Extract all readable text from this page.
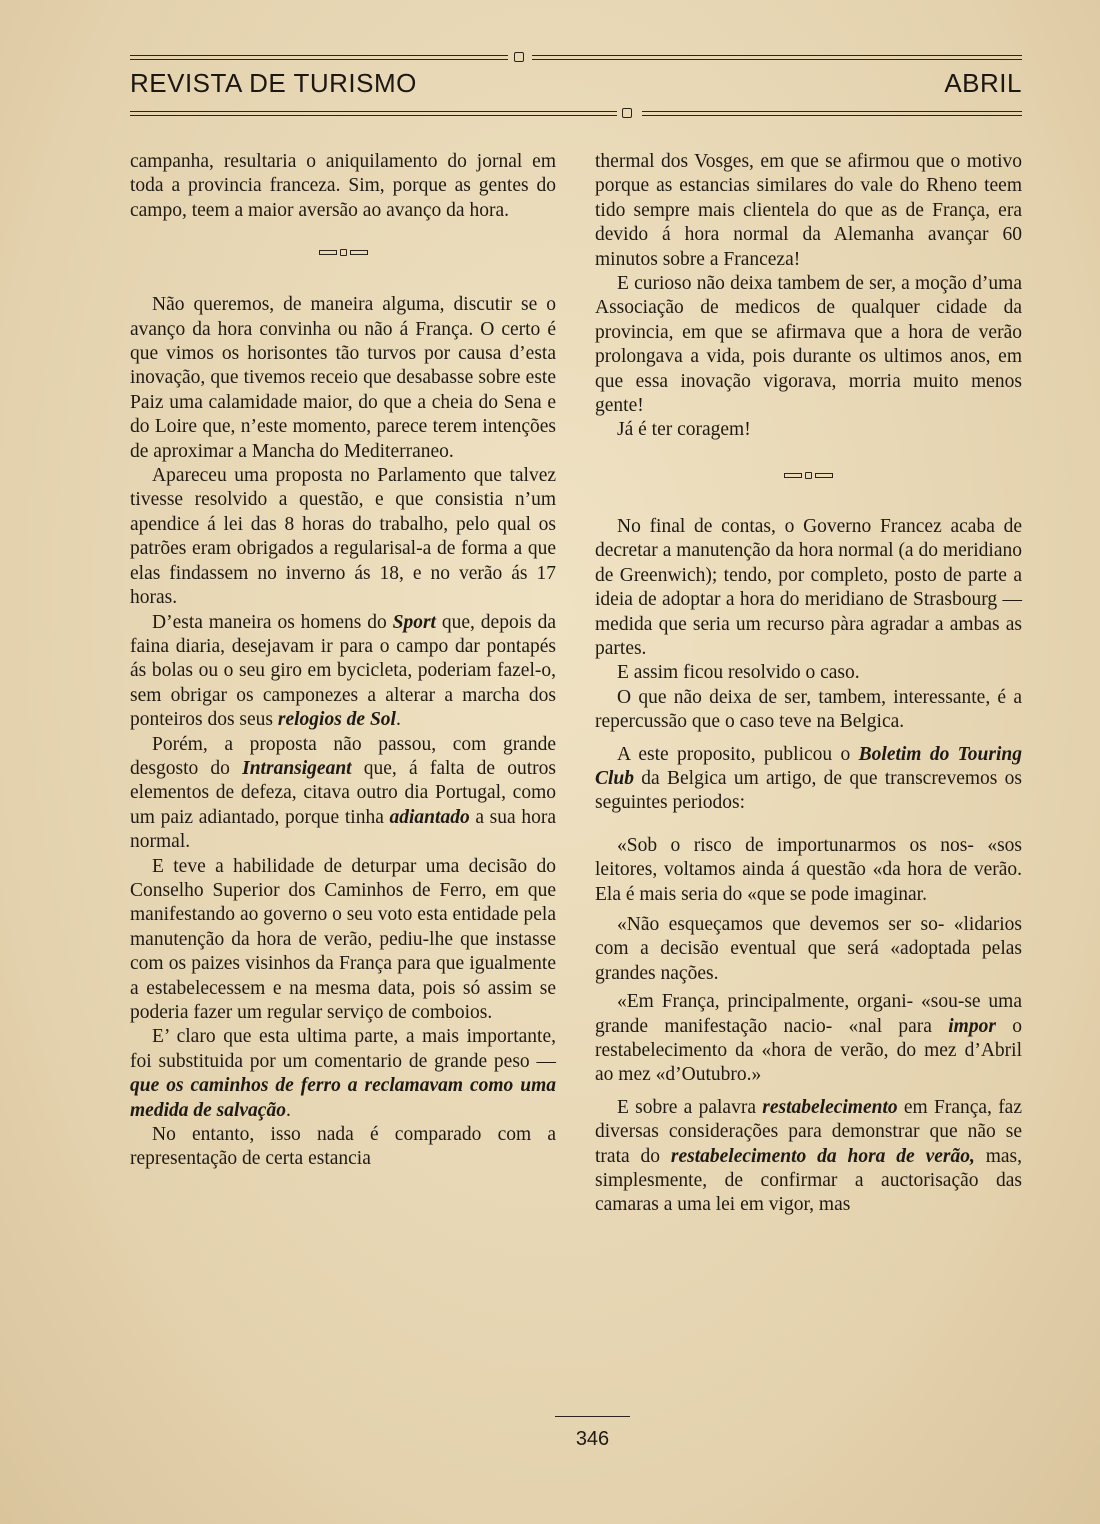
REVISTA DE TURISMO	ABRIL

campanha, resultaria o aniquilamento do jornal em toda a provincia franceza. Sim, porque as gentes do campo, teem a maior aversão ao avanço da hora.

Não queremos, de maneira alguma, discutir se o avanço da hora convinha ou não á França. O certo é que vimos os horisontes tão turvos por causa d’esta inovação, que tivemos receio que desabasse sobre este Paiz uma calamidade maior, do que a cheia do Sena e do Loire que, n’este momento, parece terem intenções de aproximar a Mancha do Mediterraneo.

Apareceu uma proposta no Parlamento que talvez tivesse resolvido a questão, e que consistia n’um apendice á lei das 8 horas do trabalho, pelo qual os patrões eram obrigados a regularisal-a de forma a que elas findassem no inverno ás 18, e no verão ás 17 horas.

D’esta maneira os homens do Sport que, depois da faina diaria, desejavam ir para o campo dar pontapés ás bolas ou o seu giro em bycicleta, poderiam fazel-o, sem obrigar os camponezes a alterar a marcha dos ponteiros dos seus relogios de Sol.

Porém, a proposta não passou, com grande desgosto do Intransigeant que, á falta de outros elementos de defeza, citava outro dia Portugal, como um paiz adiantado, porque tinha adiantado a sua hora normal.

E teve a habilidade de deturpar uma decisão do Conselho Superior dos Caminhos de Ferro, em que manifestando ao governo o seu voto esta entidade pela manutenção da hora de verão, pediu-lhe que instasse com os paizes visinhos da França para que igualmente a estabelecessem e na mesma data, pois só assim se poderia fazer um regular serviço de comboios.

E’ claro que esta ultima parte, a mais importante, foi substituida por um comentario de grande peso — que os caminhos de ferro a reclamavam como uma medida de salvação.

No entanto, isso nada é comparado com a representação de certa estancia

thermal dos Vosges, em que se afirmou que o motivo porque as estancias similares do vale do Rheno teem tido sempre mais clientela do que as de França, era devido á hora normal da Alemanha avançar 60 minutos sobre a Franceza!

E curioso não deixa tambem de ser, a moção d’uma Associação de medicos de qualquer cidade da provincia, em que se afirmava que a hora de verão prolongava a vida, pois durante os ultimos anos, em que essa inovação vigorava, morria muito menos gente!

Já é ter coragem!

No final de contas, o Governo Francez acaba de decretar a manutenção da hora normal (a do meridiano de Greenwich); tendo, por completo, posto de parte a ideia de adoptar a hora do meridiano de Strasbourg — medida que seria um recurso pàra agradar a ambas as partes.

E assim ficou resolvido o caso.

O que não deixa de ser, tambem, interessante, é a repercussão que o caso teve na Belgica.

A este proposito, publicou o Boletim do Touring Club da Belgica um artigo, de que transcrevemos os seguintes periodos:

«Sob o risco de importunarmos os nos- «sos leitores, voltamos ainda á questão «da hora de verão. Ela é mais seria do «que se pode imaginar.

«Não esqueçamos que devemos ser so- «lidarios com a decisão eventual que será «adoptada pelas grandes nações.

«Em França, principalmente, organi- «sou-se uma grande manifestação nacio- «nal para impor o restabelecimento da «hora de verão, do mez d’Abril ao mez «d’Outubro.»

E sobre a palavra restabelecimento em França, faz diversas considerações para demonstrar que não se trata do restabelecimento da hora de verão, mas, simplesmente, de confirmar a auctorisação das camaras a uma lei em vigor, mas

346
